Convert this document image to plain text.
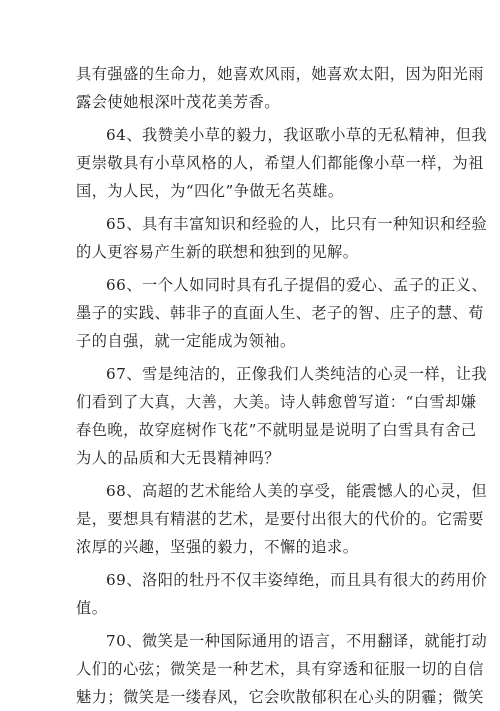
具有强盛的生命力，她喜欢风雨，她喜欢太阳，因为阳光雨
露会使她根深叶茂花美芳香。
64、我赞美小草的毅力，我讴歌小草的无私精神，但我
更崇敬具有小草风格的人，希望人们都能像小草一样，为祖
国，为人民，为“四化”争做无名英雄。
65、具有丰富知识和经验的人，比只有一种知识和经验
的人更容易产生新的联想和独到的见解。
66、一个人如同时具有孔子提倡的爱心、孟子的正义、
墨子的实践、韩非子的直面人生、老子的智、庄子的慧、荀
子的自强，就一定能成为领袖。
67、雪是纯洁的，正像我们人类纯洁的心灵一样，让我
们看到了大真，大善，大美。诗人韩愈曾写道：“白雪却嫌
春色晚，故穿庭树作飞花”不就明显是说明了白雪具有舍己
为人的品质和大无畏精神吗？
68、高超的艺术能给人美的享受，能震憾人的心灵，但
是，要想具有精湛的艺术，是要付出很大的代价的。它需要
浓厚的兴趣，坚强的毅力，不懈的追求。
69、洛阳的牡丹不仅丰姿绰绝，而且具有很大的药用价
值。
70、微笑是一种国际通用的语言，不用翻译，就能打动
人们的心弦；微笑是一种艺术，具有穿透和征服一切的自信
魅力；微笑是一缕春风，它会吹散郁积在心头的阴霾；微笑
